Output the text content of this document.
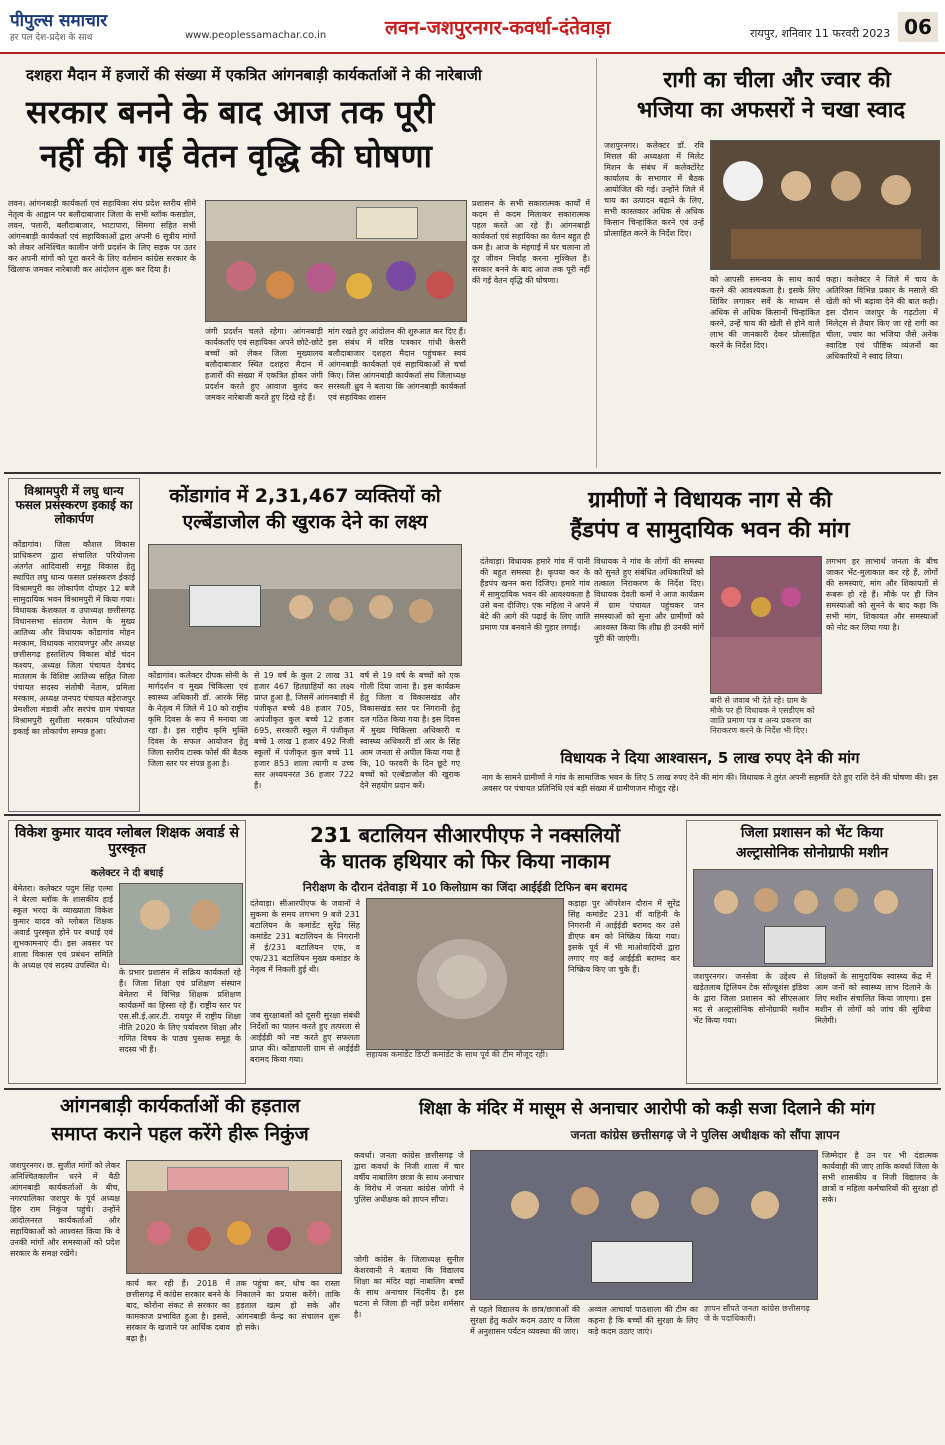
पीपुल्स समाचार
हर पल देश-प्रदेश के साथ	www.peoplessamachar.co.in	लवन-जशपुरनगर-कवर्धा-दंतेवाड़ा	रायपुर, शनिवार 11 फरवरी 2023 06
दशहरा मैदान में हजारों की संख्या में एकत्रित आंगनबाड़ी कार्यकर्ताओं ने की नारेबाजी
सरकार बनने के बाद आज तक पूरी
नहीं की गई वेतन वृद्धि की घोषणा
लवन। आंगनबाड़ी कार्यकर्ता एवं सहायिका संघ प्रदेश स्तरीय सीमे नेतृत्व के आह्वान पर बलौदाबाजार जिला के सभी ब्लॉक कसडोल, लवन, पलारी, बलौदाबाजार, भाटापारा, सिमगा सहित सभी आंगनबाड़ी कार्यकर्ता एवं सहायिकाओं द्वारा अपनी 6 सूत्रीय मांगों को लेकर अनिश्चित कालीन जंगी प्रदर्शन के लिए सड़क पर उतर कर अपनी मांगों को पूरा करने के लिए वर्तमान कांग्रेस सरकार के खिलाफ जमकर नारेबाजी कर आंदोलन शुरू कर दिया है।
जंगी प्रदर्शन चलते रहेगा। आंगनबाड़ी कार्यकर्ताएं एवं सहायिका अपने छोटे-छोटे बच्चों को लेकर जिला मुख्यालय बलौदाबाजार स्थित दशहरा मैदान में हजारों की संख्या में एकत्रित होकर जंगी प्रदर्शन करते हुए आवाज बुलंद कर जमकर नारेबाजी करते हुए दिखे रहे हैं।
मांग रखते हुए आंदोलन की शुरुआत कर दिए हैं। इस संबंध में वरिष्ठ पत्रकार गांधी केसरी बलौदाबाजार दशहरा मैदान पहुंचकर स्वयं आंगनबाड़ी कार्यकर्ता एवं सहायिकाओं से चर्चा किए। जिस आंगनबाड़ी कार्यकर्ता संघ जिलाध्यक्ष सरस्वती ध्रुव ने बताया कि आंगनबाड़ी कार्यकर्ता एवं सहायिका शासन
प्रशासन के सभी सकारात्मक कार्यों में कदम से कदम मिलाकर सकारात्मक पहल करते आ रहे हैं। आंगनबाड़ी कार्यकर्ता एवं सहायिका का वेतन बहुत ही कम है। आज के मंहगाई में घर चलाना तो दूर जीवन निर्वाह करना मुश्किल है। सरकार बनने के बाद आज तक पूरी नहीं की गई वेतन वृद्धि की घोषणा।
रागी का चीला और ज्वार की
भजिया का अफसरों ने चखा स्वाद
जशपुरनगर। कलेक्टर डॉ. रवि मित्तल की अध्यक्षता में मिलेट मिशन के संबंध में कलेक्टोरेट कार्यालय के सभागार में बैठक आयोजित की गई। उन्होंने जिले में चाय का उत्पादन बढ़ाने के लिए, सभी कास्तकार अधिक से अधिक किसान चिन्हांकित करने एवं उन्हें प्रोत्साहित करने के निर्देश दिए।
को आपसी समन्वय के साथ कार्य करने की आवश्यकता है। इसके लिए शिविर लगाकर सर्वे के माध्यम से अधिक से अधिक किसानों चिन्हांकित करने, उन्हें चाय की खेती से होने वाले लाभ की जानकारी देकर प्रोत्साहित करने के निर्देश दिए।
कहा। कलेक्टर ने जिले में चाय के अतिरिक्त विभिन्न प्रकार के मसाले की खेती को भी बढ़ावा देने की बात कही। इस दौरान जशपुर के गढ़टोला में मिलेट्स से तैयार किए जा रहे रागी का चीला, ज्वार का भजिया जैसे अनेक स्वादिष्ट एवं पौष्टिक व्यंजनों का अधिकारियों ने स्वाद लिया।
विश्रामपुरी में लघु धान्य फसल प्रसंस्करण इकाई का लोकार्पण
कोंडागांव। जिला कौशल विकास प्राधिकरण द्वारा संचालित परियोजना अंतर्गत आदिवासी समूह विकास हेतु स्थापित लघु धान्य फसल प्रसंस्करण ईकाई विश्रामपुरी का लोकार्पण दोपहर 12 बजे सामुदायिक भवन विश्रामपुरी में किया गया। विधायक केशकाल व उपाध्यक्ष छत्तीसगढ़ विधानसभा संतराम नेताम के मुख्य आतिथ्य और विधायक कोंडागांव मोहन मरकाम, विधायक नारायणपुर और अध्यक्ष छत्तीसगढ़ हस्तशिल्प विकास बोर्ड चंदन कश्यप, अध्यक्ष जिला पंचायत देवचंद मातलाम के विशिष्ट आतिथ्य सहित जिला पंचायत सदस्य संतोषी नेताम, प्रमिला मरकाम, अध्यक्ष जनपद पंचायत बड़ेराजपुर प्रेमशीला मंडावी और सरपंच ग्राम पंचायत विश्रामपुरी सुशीला मरकाम परियोजना इकाई का लोकार्पण सम्पन्न हुआ।
कोंडागांव में 2,31,467 व्यक्तियों को
एल्बेंडाजोल की खुराक देने का लक्ष्य
कोंडागांव। कलेक्टर दीपक सोनी के मार्गदर्शन व मुख्य चिकित्सा एवं स्वास्थ्य अधिकारी डॉ. आरके सिंह के नेतृत्व में जिले में 10 को राष्ट्रीय कृमि दिवस के रूप में मनाया जा रहा है। इस राष्ट्रीय कृमि मुक्ति दिवस के सफल आयोजन हेतु जिला स्तरीय टास्क फोर्स की बैठक जिला स्तर पर संपन्न हुआ है।
से 19 वर्ष के कुल 2 लाख 31 हजार 467 हितग्राहियों का लक्ष्य प्राप्त हुआ है, जिसमें आंगनबाड़ी में पंजीकृत बच्चे 48 हजार 705, अपंजीकृत कुल बच्चे 12 हजार 695, सरकारी स्कूल में पंजीकृत बच्चे 1 लाख 1 हजार 492 निजी स्कूलों में पंजीकृत कुल बच्चे 11 हजार 853 शाला त्यागी व उच्च स्तर अध्ययनरत 36 हजार 722 हैं।
वर्ष से 19 वर्ष के बच्चों को एक गोली दिया जाना है। इस कार्यक्रम हेतु जिला व विकासखंड और विकासखंड स्तर पर निगरानी हेतु दल गठित किया गया है। इस दिवस में मुख्य चिकित्सा अधिकारी व स्वास्थ्य अधिकारी डॉ आर के सिंह आम जनता से अपील किया गया है कि, 10 फरवरी के दिन छूटे गए बच्चों को एल्बेंडाजोल की खुराक देने सहयोग प्रदान करें।
ग्रामीणों ने विधायक नाग से की
हैंडपंप व सामुदायिक भवन की मांग
दंतेवाड़ा। विधायक हमारे गांव में पानी की बहुत समस्या है। कृपया कर के हैंडपंप खनन करा दिजिए। हमारे गांव में सामुदायिक भवन की आवश्यकता है उसे बना दीजिए। एक महिला ने अपने बेटे की आगे की पढ़ाई के लिए जाति प्रमाण पत्र बनवाने की गुहार लगाई।
विधायक ने गांव के लोगों की समस्या को सुनते हुए संबंधित अधिकारियों को तत्काल निराकरण के निर्देश दिए। विधायक देवती कर्मा ने आज कार्यक्रम में ग्राम पंचायत पहुंचकर जन समस्याओं को सुना और ग्रामीणों को आश्वस्त किया कि शीघ्र ही उनकी मांगें पूरी की जाएंगी।
बारी से जवाब भी देते रहे। ग्राम के मौके पर ही विधायक ने एसडीएम को जाति प्रमाण पत्र व अन्य प्रकरण का निराकरण करने के निर्देश भी दिए।
लगभग हर लाभार्थ जनता के बीच जाकर भेंट-मुलाकात कर रहे हैं, लोगों की समस्याएं, मांग और शिकायतों से रूबरू हो रहे हैं। मौके पर ही जिन समस्याओं को सुनने के बाद कहा कि सभी मांग, शिकायत और समस्याओं को नोट कर लिया गया है।
विधायक ने दिया आश्वासन, 5 लाख रुपए देने की मांग
नाग के सामने ग्रामीणों ने गांव के सामाजिक भवन के लिए 5 लाख रुपए देने की मांग की। विधायक ने तुरंत अपनी सहमति देते हुए राशि देने की घोषणा की। इस अवसर पर पंचायत प्रतिनिधि एवं बड़ी संख्या में ग्रामीणजन मौजूद रहे।
विकेश कुमार यादव ग्लोबल शिक्षक अवार्ड से पुरस्कृत
कलेक्टर ने दी बधाई
बेमेतरा। कलेक्टर पदुम सिंह एल्मा ने बेरला ब्लॉक के शासकीय हाई स्कूल भरदा के व्याख्याता विकेश कुमार यादव को ग्लोबल शिक्षक अवार्ड पुरस्कृत होने पर बधाई एवं शुभकामनाएं दी। इस अवसर पर शाला विकास एवं प्रबंधन समिति के अध्यक्ष एवं सदस्य उपस्थित थे।
के प्रभार प्रशासन में सक्रिय कार्यकर्ता रहे हैं। जिला शिक्षा एवं प्रशिक्षण संस्थान बेमेतरा में विभिन्न शिक्षक प्रशिक्षण कार्यक्रमों का हिस्सा रहे हैं। राष्ट्रीय स्तर पर एस.सी.ई.आर.टी. रायपुर में राष्ट्रीय शिक्षा नीति 2020 के लिए पर्यावरण शिक्षा और गणित विषय के पाठ्य पुस्तक समूह के सदस्य भी हैं।
231 बटालियन सीआरपीएफ ने नक्सलियों
के घातक हथियार को फिर किया नाकाम
निरीक्षण के दौरान दंतेवाड़ा में 10 किलोग्राम का जिंदा आईईडी टिफिन बम बरामद
दंतेवाड़ा। सीआरपीएफ के जवानों ने सुकमा के समय लगभग 9 बजे 231 बटालियन के कमांडेंट सुरेंद्र सिंह कमांडेंट 231 बटालियन के निगरानी में ई/231 बटालियन एफ, व एफ/231 बटालियन मुख्य कमांडर के नेतृत्व में निकली हुई थी।
जब सुरक्षाबलों को दूसरी सुरक्षा संबंधी निर्देशों का पालन करते हुए तत्परता से आईईडी को नष्ट करते हुए सफलता प्राप्त की। कोंडापाली ग्राम से आईईडी बरामद किया गया।
सहायक कमांडेंट डिप्टी कमांडेंट के साथ पूर्व की टीम मौजूद रही।
कड़ाहा पुर ऑपरेशन दौरान में सुरेंद्र सिंह कमांडेंट 231 वीं वाहिनी के निगरानी में आईईडी बरामद कर उसे डीएफ बम को निष्क्रिय किया गया। इसके पूर्व में भी माओवादियों द्वारा लगाए गए कई आईईडी बरामद कर निष्क्रिय किए जा चुके हैं।
जिला प्रशासन को भेंट किया
अल्ट्रासोनिक सोनोग्राफी मशीन
जशपुरनगर। जनसेवा के उद्देश्य से खड़ेतलाब ट्रिलियन टेक सॉल्यूशंस इंडिया के द्वारा जिला प्रशासन को सीएसआर मद से अल्ट्रासोनिक सोनोग्राफी मशीन भेंट किया गया।
शिक्षकों के सामुदायिक स्वास्थ्य केंद्र में आम जनों को स्वास्थ्य लाभ दिलाने के लिए मशीन संचालित किया जाएगा। इस मशीन से लोगों को जांच की सुविधा मिलेगी।
आंगनबाड़ी कार्यकर्ताओं की हड़ताल
समाप्त कराने पहल करेंगे हीरू निकुंज
जशपुरनगर। छ. सुजीत मांगों को लेकर अनिश्चितकालीन धरने में बैठी आंगनबाड़ी कार्यकर्ताओं के बीच, नगरपालिका जशपुर के पूर्व अध्यक्ष हिरु राम निकुंज पहुंचे। उन्होंने आंदोलनरत कार्यकर्ताओं और सहायिकाओं को आश्वस्त किया कि वे उनकी मांगों और समस्याओं को प्रदेश सरकार के समक्ष रखेंगे।
कार्य कर रही हैं। 2018 में छत्तीसगढ़ में कांग्रेस सरकार बनने के बाद, कोरोना संकट से सरकार का कामकाज प्रभावित हुआ है। इससे, सरकार के खजाने पर आर्थिक दबाव बढ़ा है।
तक पहुंचा कर, धोच का रास्ता निकालने का प्रयास करेंगे। ताकि हड़ताल खत्म हो सके और आंगनबाड़ी केन्द्र का संचालन शुरू हो सके।
शिक्षा के मंदिर में मासूम से अनाचार आरोपी को कड़ी सजा दिलाने की मांग
जनता कांग्रेस छत्तीसगढ़ जे ने पुलिस अधीक्षक को सौंपा ज्ञापन
कवर्धा। जनता कांग्रेस छत्तीसगढ़ जे द्वारा कवर्धा के निजी शाला में चार वर्षीय नाबालिग छात्रा के साथ अनाचार के विरोध में जनता कांग्रेस जोगी ने पुलिस अधीक्षक को ज्ञापन सौंपा।
जोगी कांग्रेस के जिलाध्यक्ष सुनील केशरवानी ने बताया कि विद्यालय शिक्षा का मंदिर यहां नाबालिग बच्चों के साथ अनाचार निंदनीय है। इस घटना से जिला ही नहीं प्रदेश शर्मसार है।
से पहले विद्यालय के छात्र/छात्राओं की सुरक्षा हेतु कठोर कदम उठाए व जिला में अनुशासन पर्यटन व्यवस्था की जाए।
अव्वल आचार्या पाठशाला की टीम का कहना है कि बच्चों की सुरक्षा के लिए कड़े कदम उठाए जाएं।
जिम्मेदार है उन पर भी दंडात्मक कार्यवाही की जाए ताकि कवर्धा जिला के सभी शासकीय व निजी विद्यालय के छात्रों व महिला कर्मचारियों की सुरक्षा हो सके।
ज्ञापन सौंपते जनता कांग्रेस छत्तीसगढ़ जे के पदाधिकारी।
